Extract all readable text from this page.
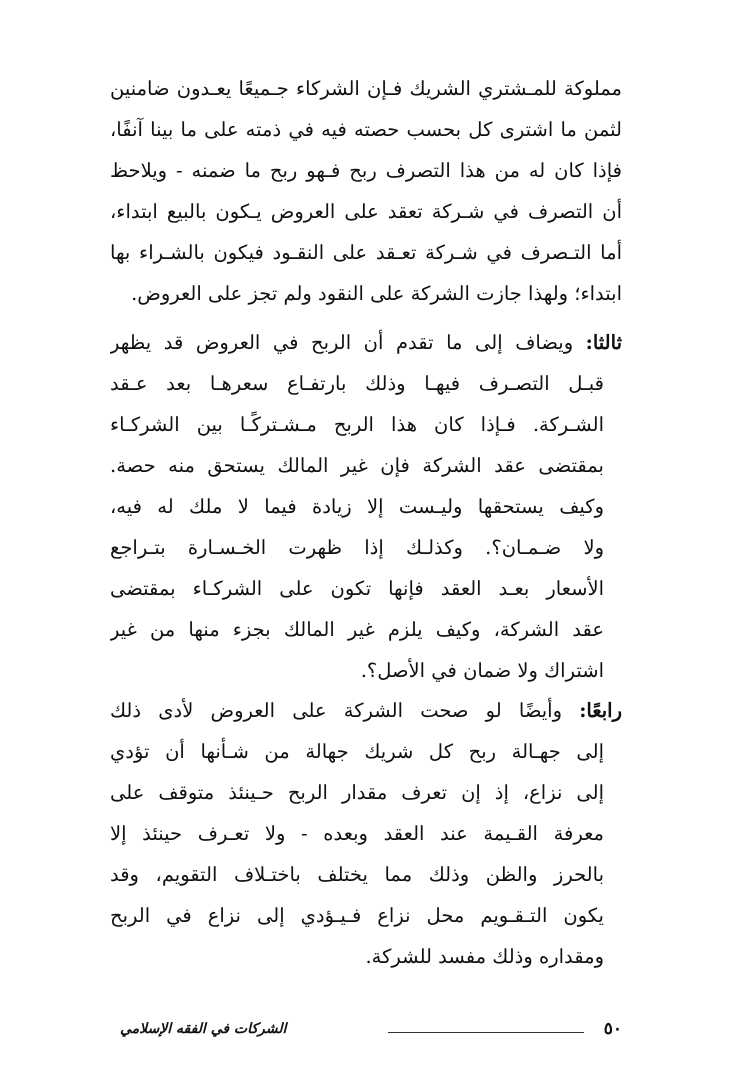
مملوكة للمـشتري الشريك فـإن الشركاء جـميعًا يعـدون ضامنين
لثمن ما اشترى كل بحسب حصته فيه في ذمته على ما بينا آنفًا،
فإذا كان له من هذا التصرف ربح فـهو ربح ما ضمنه - ويلاحظ
أن التصرف في شـركة تعقد على العروض يـكون بالبيع ابتداء،
أما التـصرف في شـركة تعـقد على النقـود فيكون بالشـراء بها
ابتداء؛ ولهذا جازت الشركة على النقود ولم تجز على العروض.
ثالثا: ويضاف إلى ما تقدم أن الربح في العروض قد يظهر
قبـل التصـرف فيهـا وذلك بارتفـاع سعرهـا بعد عـقد
الشـركة. فـإذا كان هذا الربح مـشـتركًـا بين الشركـاء
بمقتضى عقد الشركة فإن غير المالك يستحق منه حصة.
وكيف يستحقها وليـست إلا زيادة فيما لا ملك له فيه،
ولا ضـمـان؟. وكذلـك إذا ظهرت الخـسـارة بتـراجع
الأسعار بعـد العقد فإنها تكون على الشركـاء بمقتضى
عقد الشركة، وكيف يلزم غير المالك بجزء منها من غير
اشتراك ولا ضمان في الأصل؟.
رابعًا: وأيضًا لو صحت الشركة على العروض لأدى ذلك
إلى جهـالة ربح كل شريك جهالة من شـأنها أن تؤدي
إلى نزاع، إذ إن تعرف مقدار الربح حـينئذ متوقف على
معرفة القـيمة عند العقد وبعده - ولا تعـرف حينئذ إلا
بالحرز والظن وذلك مما يختلف باختـلاف التقويم، وقد
يكون التـقـويم محل نزاع فـيـؤدي إلى نزاع في الربح
ومقداره وذلك مفسد للشركة.
٥٠
الشركات في الفقه الإسلامي
